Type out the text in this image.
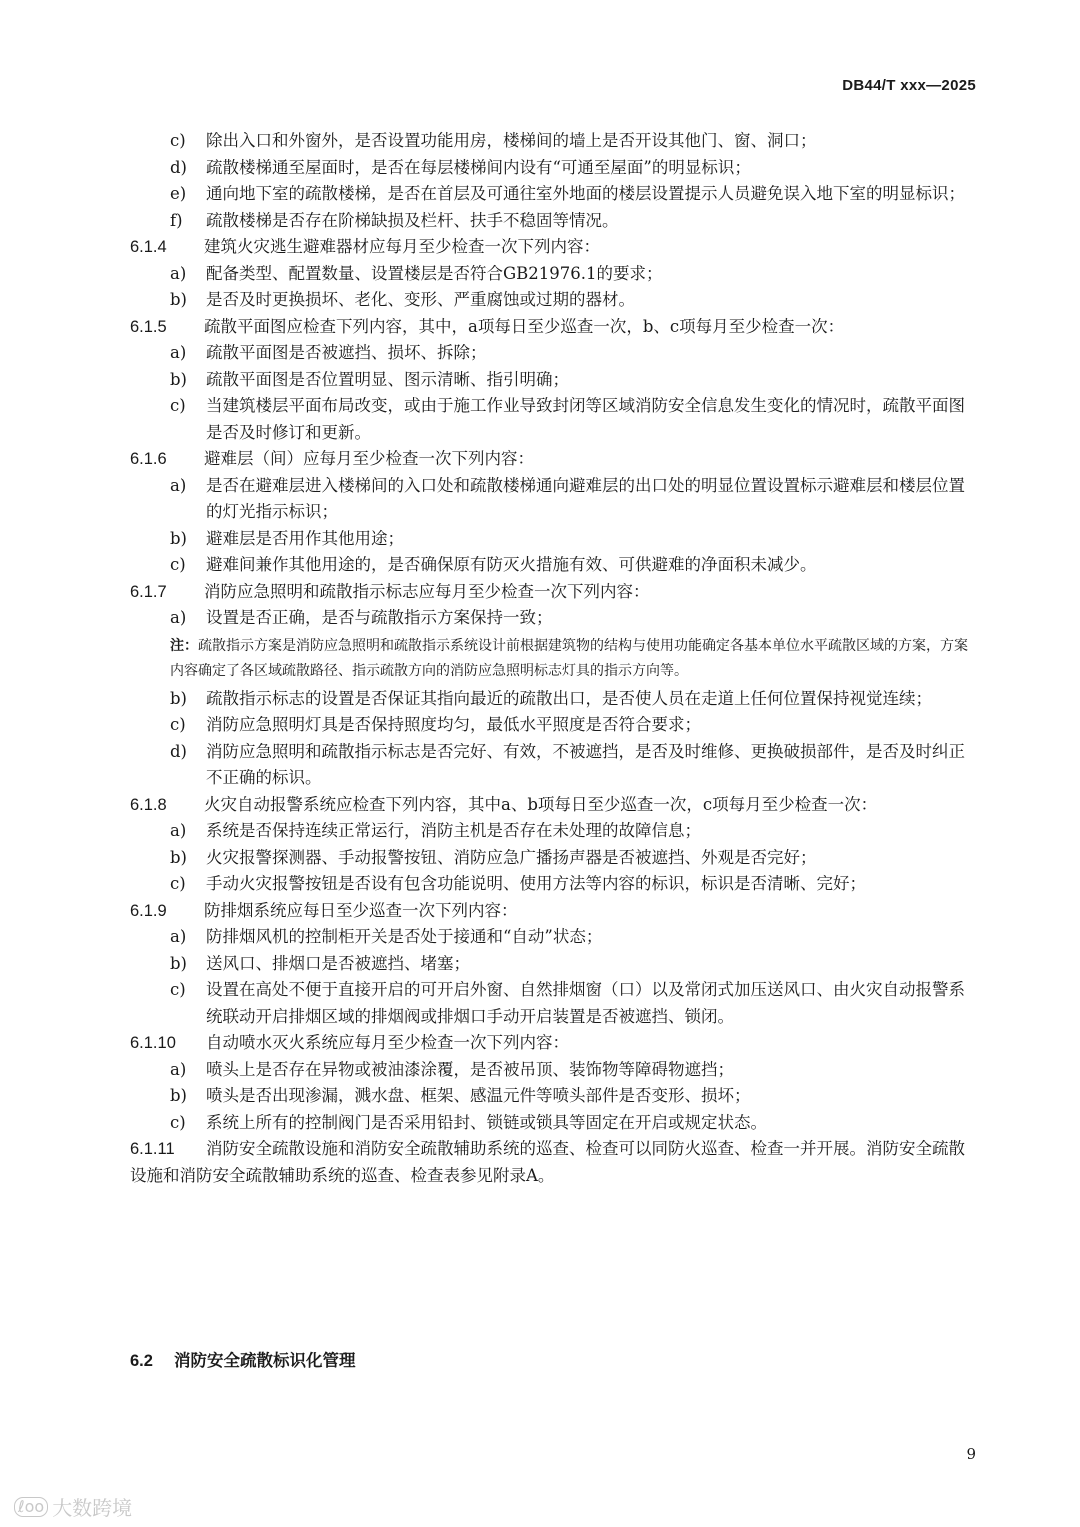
DB44/T xxx—2025
c) 除出入口和外窗外，是否设置功能用房，楼梯间的墙上是否开设其他门、窗、洞口；
d) 疏散楼梯通至屋面时，是否在每层楼梯间内设有“可通至屋面”的明显标识；
e) 通向地下室的疏散楼梯，是否在首层及可通往室外地面的楼层设置提示人员避免误入地下室的明显标识；
f) 疏散楼梯是否存在阶梯缺损及栏杆、扶手不稳固等情况。
6.1.4 建筑火灾逃生避难器材应每月至少检查一次下列内容：
a) 配备类型、配置数量、设置楼层是否符合GB21976.1的要求；
b) 是否及时更换损坏、老化、变形、严重腐蚀或过期的器材。
6.1.5 疏散平面图应检查下列内容，其中，a项每日至少巡查一次，b、c项每月至少检查一次：
a) 疏散平面图是否被遮挡、损坏、拆除；
b) 疏散平面图是否位置明显、图示清晰、指引明确；
c) 当建筑楼层平面布局改变，或由于施工作业导致封闭等区域消防安全信息发生变化的情况时，疏散平面图是否及时修订和更新。
6.1.6 避难层（间）应每月至少检查一次下列内容：
a) 是否在避难层进入楼梯间的入口处和疏散楼梯通向避难层的出口处的明显位置设置标示避难层和楼层位置的灯光指示标识；
b) 避难层是否用作其他用途；
c) 避难间兼作其他用途的，是否确保原有防灭火措施有效、可供避难的净面积未减少。
6.1.7 消防应急照明和疏散指示标志应每月至少检查一次下列内容：
a) 设置是否正确，是否与疏散指示方案保持一致；
注：疏散指示方案是消防应急照明和疏散指示系统设计前根据建筑物的结构与使用功能确定各基本单位水平疏散区域的方案，方案内容确定了各区域疏散路径、指示疏散方向的消防应急照明标志灯具的指示方向等。
b) 疏散指示标志的设置是否保证其指向最近的疏散出口，是否使人员在走道上任何位置保持视觉连续；
c) 消防应急照明灯具是否保持照度均匀，最低水平照度是否符合要求；
d) 消防应急照明和疏散指示标志是否完好、有效，不被遮挡，是否及时维修、更换破损部件，是否及时纠正不正确的标识。
6.1.8 火灾自动报警系统应检查下列内容，其中a、b项每日至少巡查一次，c项每月至少检查一次：
a) 系统是否保持连续正常运行，消防主机是否存在未处理的故障信息；
b) 火灾报警探测器、手动报警按钮、消防应急广播扬声器是否被遮挡、外观是否完好；
c) 手动火灾报警按钮是否设有包含功能说明、使用方法等内容的标识，标识是否清晰、完好；
6.1.9 防排烟系统应每日至少巡查一次下列内容：
a) 防排烟风机的控制柜开关是否处于接通和“自动”状态；
b) 送风口、排烟口是否被遮挡、堵塞；
c) 设置在高处不便于直接开启的可开启外窗、自然排烟窗（口）以及常闭式加压送风口、由火灾自动报警系统联动开启排烟区域的排烟阀或排烟口手动开启装置是否被遮挡、锁闭。
6.1.10 自动喷水灭火系统应每月至少检查一次下列内容：
a) 喷头上是否存在异物或被油漆涂覆，是否被吊顶、装饰物等障碍物遮挡；
b) 喷头是否出现渗漏，溅水盘、框架、感温元件等喷头部件是否变形、损坏；
c) 系统上所有的控制阀门是否采用铅封、锁链或锁具等固定在开启或规定状态。
6.1.11 消防安全疏散设施和消防安全疏散辅助系统的巡查、检查可以同防火巡查、检查一并开展。消防安全疏散设施和消防安全疏散辅助系统的巡查、检查表参见附录A。
6.2 消防安全疏散标识化管理
9
ℓoo 大数跨境
